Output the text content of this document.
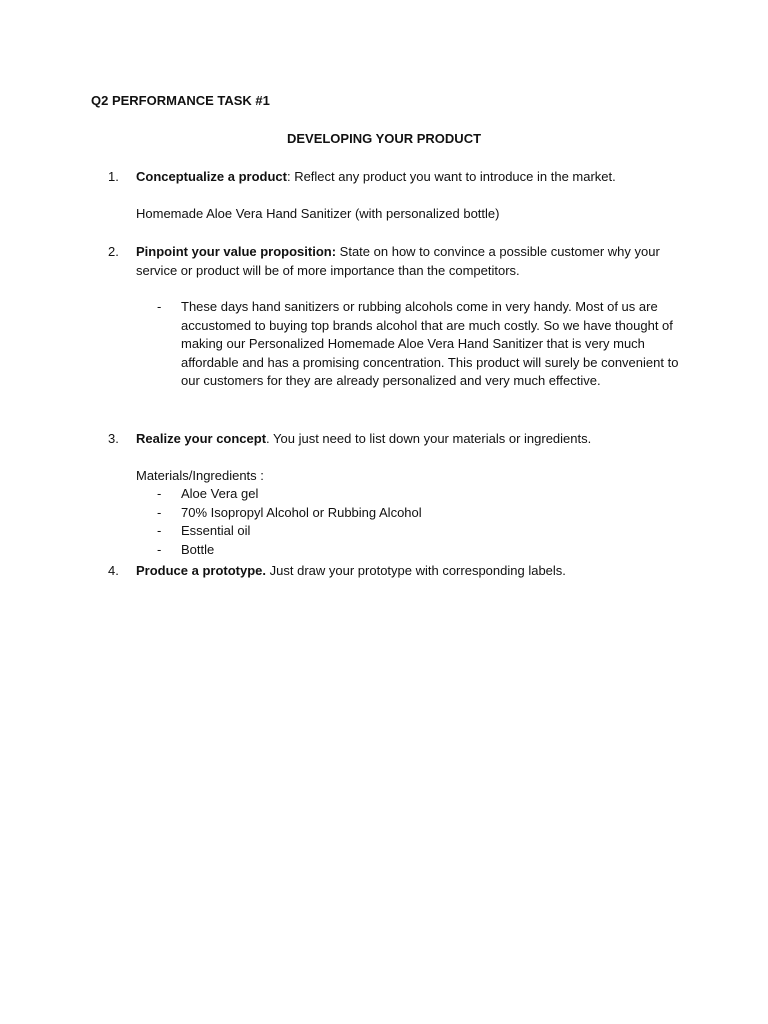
Q2 PERFORMANCE TASK #1
DEVELOPING YOUR PRODUCT
1.	Conceptualize a product: Reflect any product you want to introduce in the market.
Homemade Aloe Vera Hand Sanitizer (with personalized bottle)
2.	Pinpoint your value proposition: State on how to convince a possible customer why your service or product will be of more importance than the competitors.
- These days hand sanitizers or rubbing alcohols come in very handy. Most of us are accustomed to buying top brands alcohol that are much costly. So we have thought of making our Personalized Homemade Aloe Vera Hand Sanitizer that is very much affordable and has a promising concentration. This product will surely be convenient to our customers for they are already personalized and very much effective.
3.	Realize your concept. You just need to list down your materials or ingredients.
Materials/Ingredients :
- Aloe Vera gel
- 70% Isopropyl Alcohol or Rubbing Alcohol
- Essential oil
- Bottle
4.	Produce a prototype. Just draw your prototype with corresponding labels.
